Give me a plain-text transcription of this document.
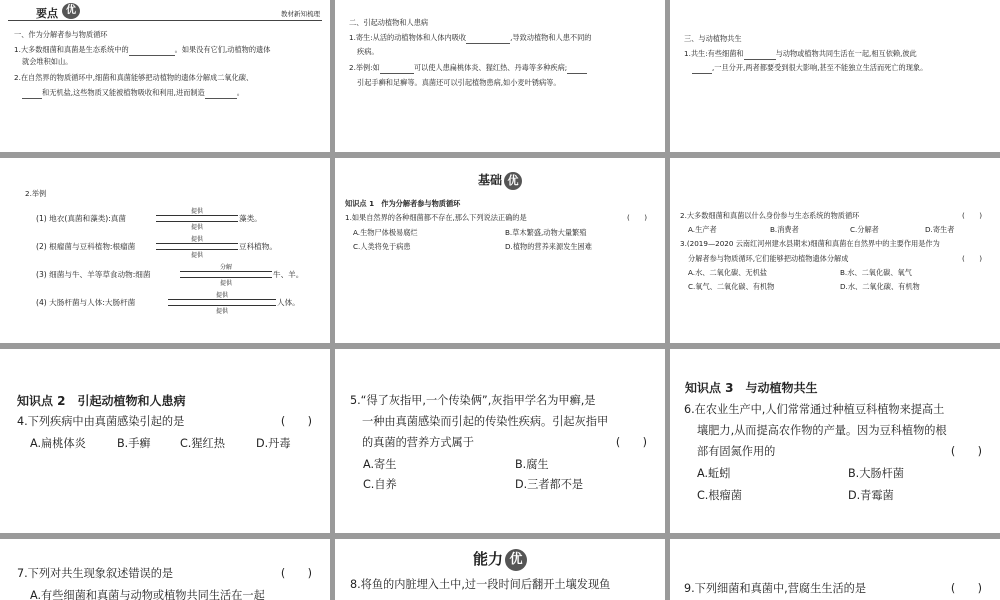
要点 优	教材新知梳理
一、作为分解者参与物质循环
1.大多数细菌和真菌是生态系统中的	。如果没有它们,动植物的遗体
就会堆积如山。
2.在自然界的物质循环中,细菌和真菌能够把动植物的遗体分解成二氧化碳、
和无机盐,这些物质又能被植物吸收和利用,进而制造	。
二、引起动植物和人患病
1.寄生:从活的动植物体和人体内吸收	,导致动植物和人患不同的
疾病。
2.举例:如	可以使人患扁桃体炎、猩红热、丹毒等多种疾病;
引起手癣和足癣等。真菌还可以引起植物患病,如小麦叶锈病等。
三、与动植物共生
1.共生:有些细菌和	与动物或植物共同生活在一起,相互依赖,彼此
,一旦分开,两者都要受到很大影响,甚至不能独立生活而死亡的现象。
2.举例
(1) 地衣(真菌和藻类):真菌
提供
提供
藻类。
(2) 根瘤菌与豆科植物:根瘤菌
提供
提供
豆科植物。
(3) 细菌与牛、羊等草食动物:细菌
分解
提供
牛、羊。
(4) 大肠杆菌与人体:大肠杆菌
提供
提供
人体。
基础 优
知识点 1　作为分解者参与物质循环
1.如果自然界的各种细菌都不存在,那么下列说法正确的是	(　　)
A.生物尸体极易腐烂	B.草木繁盛,动物大量繁殖
C.人类将免于病患	D.植物的营养来源发生困难
2.大多数细菌和真菌以什么身份参与生态系统的物质循环	(　　)
A.生产者	B.消费者	C.分解者	D.寄生者
3.(2019—2020 云南红河州建水县期末)细菌和真菌在自然界中的主要作用是作为
分解者参与物质循环,它们能够把动植物遗体分解成	(　　)
A.水、二氧化碳、无机盐	B.水、二氧化碳、氧气
C.氧气、二氧化碳、有机物	D.水、二氧化碳、有机物
知识点 2　引起动植物和人患病
4.下列疾病中由真菌感染引起的是	(　　)
A.扁桃体炎	B.手癣	C.猩红热	D.丹毒
5.“得了灰指甲,一个传染俩”,灰指甲学名为甲癣,是
一种由真菌感染而引起的传染性疾病。引起灰指甲
的真菌的营养方式属于	(　　)
A.寄生	B.腐生
C.自养	D.三者都不是
知识点 3　与动植物共生
6.在农业生产中,人们常常通过种植豆科植物来提高土
壤肥力,从而提高农作物的产量。因为豆科植物的根
部有固氮作用的	(　　)
A.蚯蚓	B.大肠杆菌
C.根瘤菌	D.青霉菌
7.下列对共生现象叙述错误的是	(　　)
A.有些细菌和真菌与动物或植物共同生活在一起
能力 优
8.将鱼的内脏埋入土中,过一段时间后翻开土壤发现鱼	9.下列细菌和真菌中,营腐生生活的是	(　　)
